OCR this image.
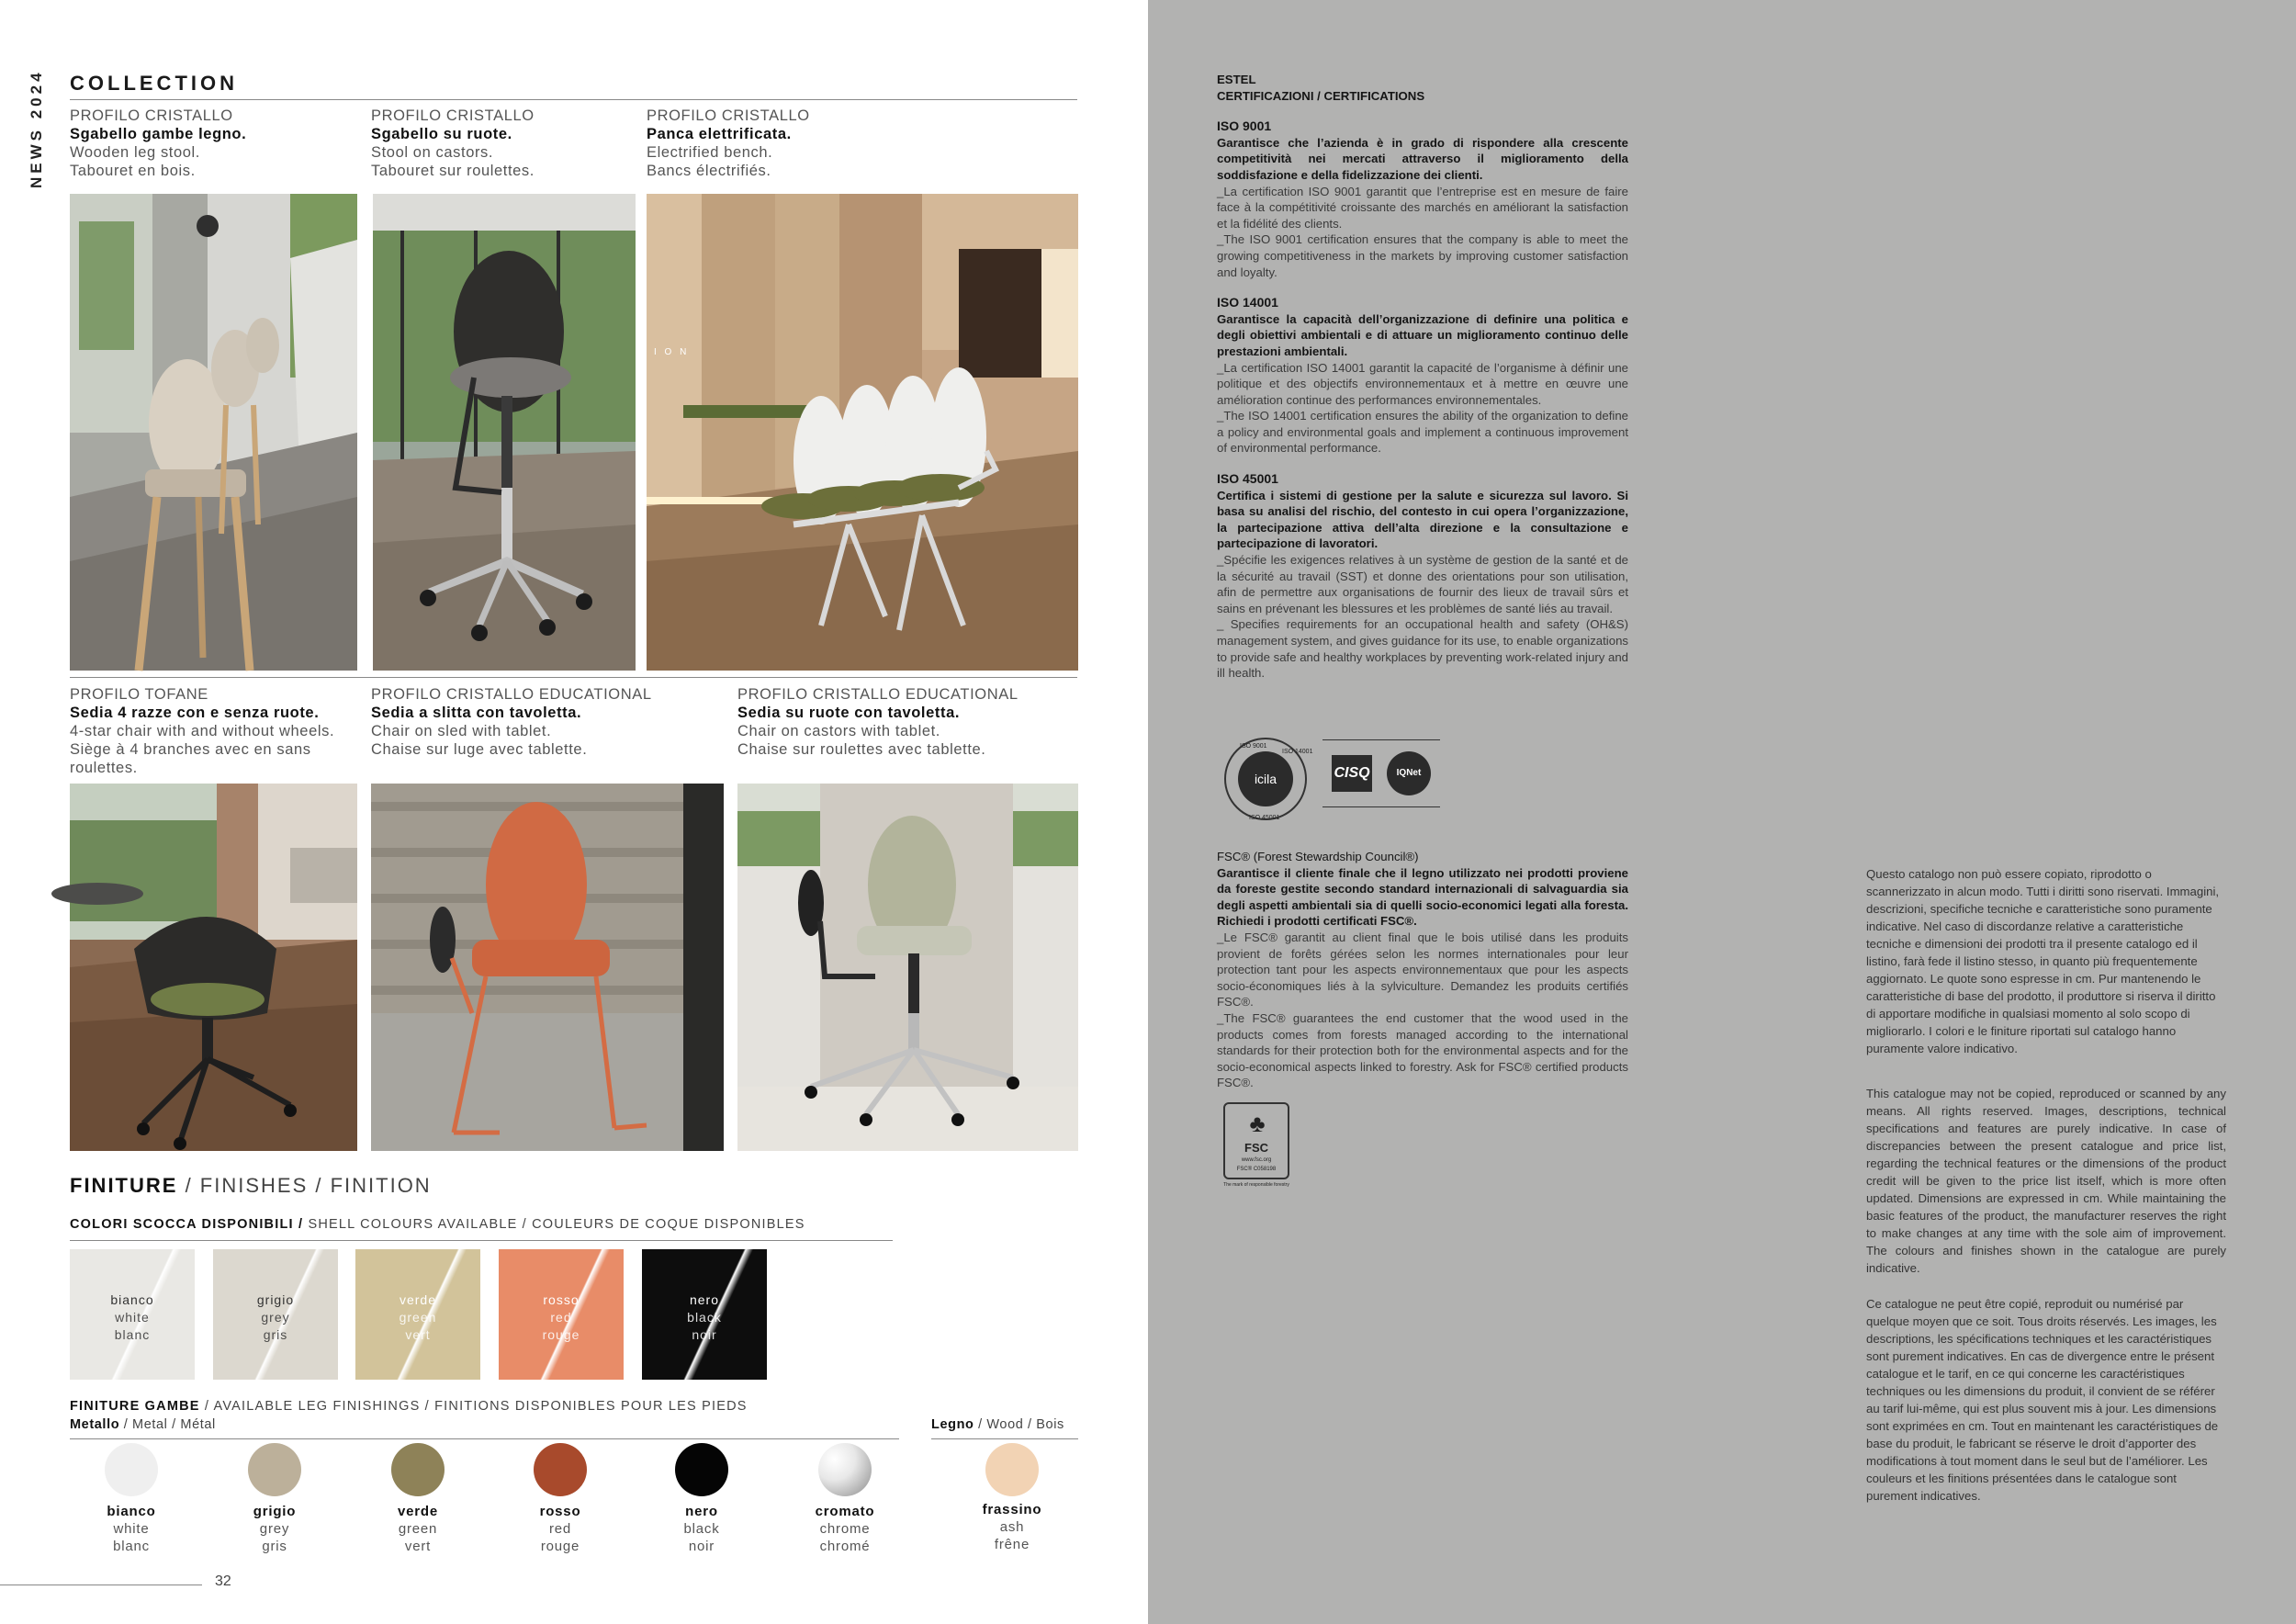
NEWS 2024 COLLECTION
PROFILO CRISTALLO
Sgabello gambe legno.
Wooden leg stool.
Tabouret en bois.
PROFILO CRISTALLO
Sgabello su ruote.
Stool on castors.
Tabouret sur roulettes.
PROFILO CRISTALLO
Panca elettrificata.
Electrified bench.
Bancs électrifiés.
I O N
PROFILO TOFANE
Sedia 4 razze con e senza ruote.
4-star chair with and without wheels.
Siège à 4 branches avec en sans
roulettes.
PROFILO CRISTALLO EDUCATIONAL
Sedia a slitta con tavoletta.
Chair on sled with tablet.
Chaise sur luge avec tablette.
PROFILO CRISTALLO EDUCATIONAL
Sedia su ruote con tavoletta.
Chair on castors with tablet.
Chaise sur roulettes avec tablette.
FINITURE / FINISHES / FINITION
COLORI SCOCCA DISPONIBILI / SHELL COLOURS AVAILABLE / COULEURS DE COQUE DISPONIBLES
bianco
white
blanc
grigio
grey
gris
verde
green
vert
rosso
red
rouge
nero
black
noir
FINITURE GAMBE / AVAILABLE LEG FINISHINGS / FINITIONS DISPONIBLES POUR LES PIEDS
Metallo / Metal / Métal	Legno / Wood / Bois
bianco
white
blanc
grigio
grey
gris
verde
green
vert
rosso
red
rouge
nero
black
noir
cromato
chrome
chromé
frassino
ash
frêne
32
ESTEL
CERTIFICAZIONI / CERTIFICATIONS
ISO 9001
Garantisce che l’azienda è in grado di rispondere alla crescente competitività nei mercati attraverso il miglioramento della soddisfazione e della fidelizzazione dei clienti.
_La certification ISO 9001 garantit que l’entreprise est en mesure de faire face à la compétitivité croissante des marchés en améliorant la satisfaction et la fidélité des clients.
_The ISO 9001 certification ensures that the company is able to meet the growing competitiveness in the markets by improving customer satisfaction and loyalty.
ISO 14001
Garantisce la capacità dell’organizzazione di definire una politica e degli obiettivi ambientali e di attuare un miglioramento continuo delle prestazioni ambientali.
_La certification ISO 14001 garantit la capacité de l’organisme à définir une politique et des objectifs environnementaux et à mettre en œuvre une amélioration continue des performances environnementales.
_The ISO 14001 certification ensures the ability of the organization to define a policy and environmental goals and implement a continuous improvement of environmental performance.
ISO 45001
Certifica i sistemi di gestione per la salute e sicurezza sul lavoro. Si basa su analisi del rischio, del contesto in cui opera l’organizzazione, la partecipazione attiva dell’alta direzione e la consultazione e partecipazione di lavoratori.
_Spécifie les exigences relatives à un système de gestion de la santé et de la sécurité au travail (SST) et donne des orientations pour son utilisation, afin de permettre aux organisations de fournir des lieux de travail sûrs et sains en prévenant les blessures et les problèmes de santé liés au travail.
_ Specifies requirements for an occupational health and safety (OH&S) management system, and gives guidance for its use, to enable organizations to provide safe and healthy workplaces by preventing work-related injury and ill health.
icila
ISO 9001
ISO 14001
ISO 45001
CISQ	IQNet
FSC® (Forest Stewardship Council®)
Garantisce il cliente finale che il legno utilizzato nei prodotti provienе da foreste gestite secondo standard internazionali di salvaguardia sia degli aspetti ambientali sia di quelli socio-economici legati alla foresta. Richiedi i prodotti certificati FSC®.
_Le FSC® garantit au client final que le bois utilisé dans les produits provient de forêts gérées selon les normes internationales pour leur protection tant pour les aspects environnementaux que pour les aspects socio-économiques liés à la sylviculture. Demandez les produits certifiés FSC®.
_The FSC® guarantees the end customer that the wood used in the products comes from forests managed according to the international standards for their protection both for the environmental aspects and for the socio-economical aspects linked to forestry. Ask for FSC® certified products FSC®.
♣
FSC
www.fsc.org
FSC® C058198
The mark of responsible forestry

Questo catalogo non può essere copiato, riprodotto o scannerizzato in alcun modo. Tutti i diritti sono riservati. Immagini, descrizioni, specifiche tecniche e caratteristiche sono puramente indicative. Nel caso di discordanze relative a caratteristiche tecniche e dimensioni dei prodotti tra il presente catalogo ed il listino, farà fede il listino stesso, in quanto più frequentemente aggiornato. Le quote sono espresse in cm. Pur mantenendo le caratteristiche di base del prodotto, il produttore si riserva il diritto di apportare modifiche in qualsiasi momento al solo scopo di migliorarlo. I colori e le finiture riportati sul catalogo hanno puramente valore indicativo.

This catalogue may not be copied, reproduced or scanned by any means. All rights reserved. Images, descriptions, technical specifications and features are purely indicative. In case of discrepancies between the present catalogue and price list, regarding the technical features or the dimensions of the product credit will be given to the price list itself, which is more often updated. Dimensions are expressed in cm. While maintaining the basic features of the product, the manufacturer reserves the right to make changes at any time with the sole aim of improvement. The colours and finishes shown in the catalogue are purely indicative.

Ce catalogue ne peut être copié, reproduit ou numérisé par quelque moyen que ce soit. Tous droits réservés. Les images, les descriptions, les spécifications techniques et les caractéristiques sont purement indicatives. En cas de divergence entre le présent catalogue et le tarif, en ce qui concerne les caractéristiques techniques ou les dimensions du produit, il convient de se référer au tarif lui-même, qui est plus souvent mis à jour. Les dimensions sont exprimées en cm. Tout en maintenant les caractéristiques de base du produit, le fabricant se réserve le droit d’apporter des modifications à tout moment dans le seul but de l’améliorer. Les couleurs et les finitions présentées dans le catalogue sont purement indicatives.
